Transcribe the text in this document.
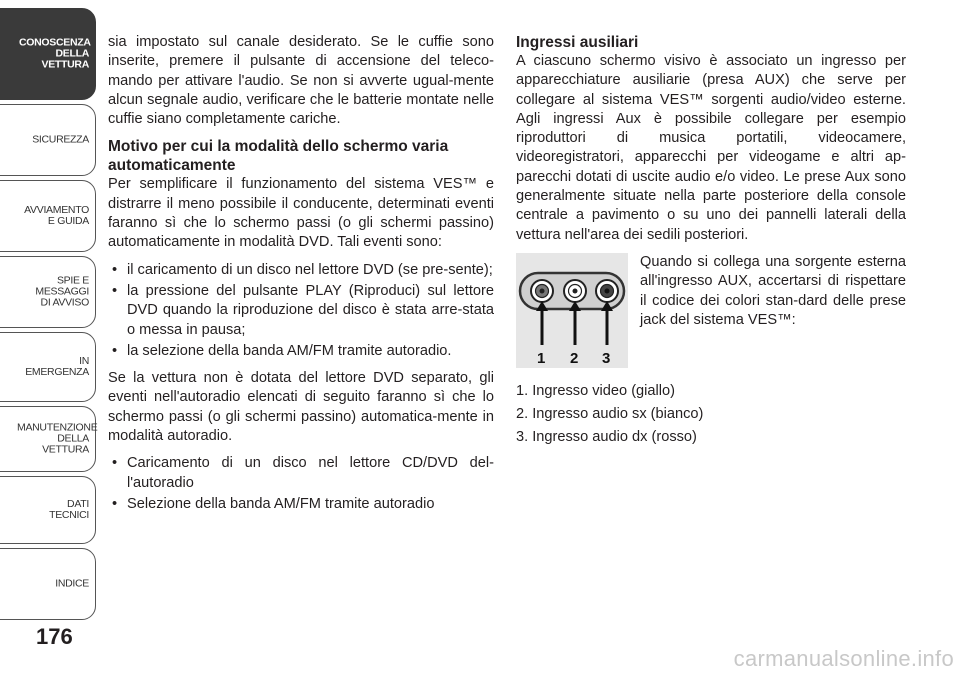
CONOSCENZA DELLA VETTURA
SICUREZZA
AVVIAMENTO E GUIDA
SPIE E MESSAGGI DI AVVISO
IN EMERGENZA
MANUTENZIONE DELLA VETTURA
DATI TECNICI
INDICE
176

sia impostato sul canale desiderato. Se le cuffie sono inserite, premere il pulsante di accensione del teleco-mando per attivare l'audio. Se non si avverte ugual-mente alcun segnale audio, verificare che le batterie montate nelle cuffie siano completamente cariche.

Motivo per cui la modalità dello schermo varia automaticamente

Per semplificare il funzionamento del sistema VES™ e distrarre il meno possibile il conducente, determinati eventi faranno sì che lo schermo passi (o gli schermi passino) automaticamente in modalità DVD. Tali eventi sono:

• il caricamento di un disco nel lettore DVD (se pre-sente);
• la pressione del pulsante PLAY (Riproduci) sul lettore DVD quando la riproduzione del disco è stata arre-stata o messa in pausa;
• la selezione della banda AM/FM tramite autoradio.

Se la vettura non è dotata del lettore DVD separato, gli eventi nell'autoradio elencati di seguito faranno sì che lo schermo passi (o gli schermi passino) automatica-mente in modalità autoradio.

• Caricamento di un disco nel lettore CD/DVD del-l'autoradio
• Selezione della banda AM/FM tramite autoradio
Ingressi ausiliari

A ciascuno schermo visivo è associato un ingresso per apparecchiature ausiliarie (presa AUX) che serve per collegare al sistema VES™ sorgenti audio/video esterne. Agli ingressi Aux è possibile collegare per esempio riproduttori di musica portatili, videocamere, videoregistratori, apparecchi per videogame e altri ap-parecchi dotati di uscite audio e/o video. Le prese Aux sono generalmente situate nella parte posteriore della console centrale a pavimento o su uno dei pannelli laterali della vettura nell'area dei sedili posteriori.

1 2 3
Quando si collega una sorgente esterna all'ingresso AUX, accertarsi di rispettare il codice dei colori stan-dard delle prese jack del sistema VES™:
1. Ingresso video (giallo)
2. Ingresso audio sx (bianco)
3. Ingresso audio dx (rosso)
carmanualsonline.info
